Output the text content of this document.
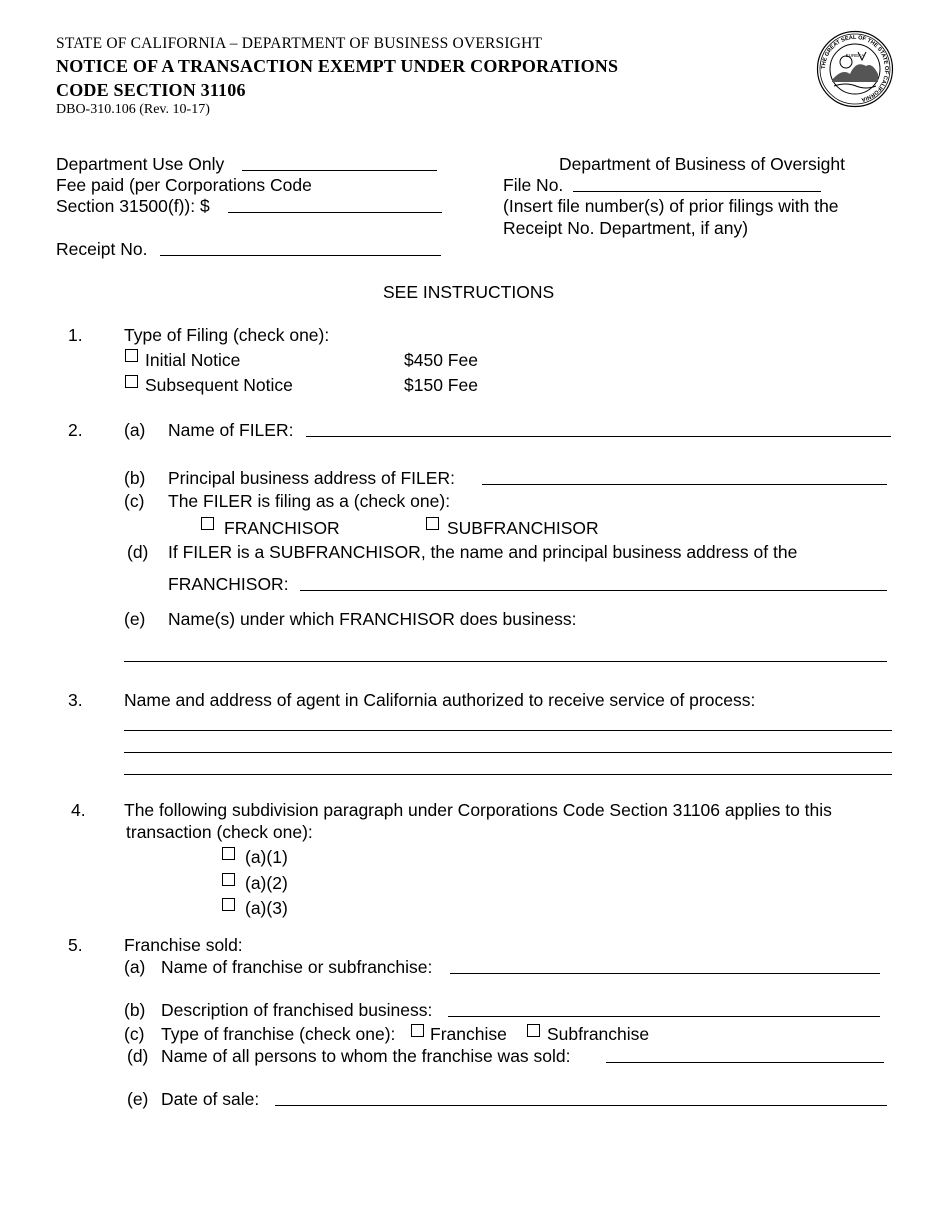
STATE OF CALIFORNIA – DEPARTMENT OF BUSINESS OVERSIGHT
NOTICE OF A TRANSACTION EXEMPT UNDER CORPORATIONS
CODE SECTION 31106
DBO-310.106 (Rev. 10-17)
THE GREAT SEAL OF THE STATE OF CALIFORNIA
EUREKA
Department Use Only
Fee paid (per Corporations Code
Section 31500(f)): $
Receipt No.
Department of Business of Oversight
File No.
(Insert file number(s) of prior filings with the
Receipt No. Department, if any)
SEE INSTRUCTIONS
1. Type of Filing (check one):
Initial Notice	$450 Fee
Subsequent Notice	$150 Fee
2. (a) Name of FILER:
(b) Principal business address of FILER:
(c) The FILER is filing as a (check one):
FRANCHISOR	SUBFRANCHISOR
(d) If FILER is a SUBFRANCHISOR, the name and principal business address of the
FRANCHISOR:
(e) Name(s) under which FRANCHISOR does business:
3. Name and address of agent in California authorized to receive service of process:
4. The following subdivision paragraph under Corporations Code Section 31106 applies to this
transaction (check one):
(a)(1)
(a)(2)
(a)(3)
5. Franchise sold:
(a) Name of franchise or subfranchise:
(b) Description of franchised business:
(c) Type of franchise (check one): Franchise Subfranchise
(d) Name of all persons to whom the franchise was sold:
(e) Date of sale:
